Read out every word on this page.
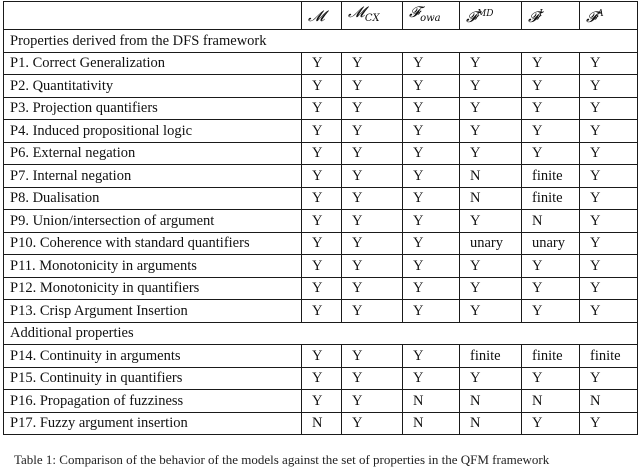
	𝓜	𝓜$_{CX}$	𝓕$_{owa}$	𝓕$^{MD}$	𝓕$^I$	𝓕$^A$
Properties derived from the DFS framework						
P1. Correct Generalization	Y	Y	Y	Y	Y	Y
P2. Quantitativity	Y	Y	Y	Y	Y	Y
P3. Projection quantifiers	Y	Y	Y	Y	Y	Y
P4. Induced propositional logic	Y	Y	Y	Y	Y	Y
P6. External negation	Y	Y	Y	Y	Y	Y
P7. Internal negation	Y	Y	Y	N	finite	Y
P8. Dualisation	Y	Y	Y	N	finite	Y
P9. Union/intersection of argument	Y	Y	Y	Y	N	Y
P10. Coherence with standard quantifiers	Y	Y	Y	unary	unary	Y
P11. Monotonicity in arguments	Y	Y	Y	Y	Y	Y
P12. Monotonicity in quantifiers	Y	Y	Y	Y	Y	Y
P13. Crisp Argument Insertion	Y	Y	Y	Y	Y	Y
Additional properties						
P14. Continuity in arguments	Y	Y	Y	finite	finite	finite
P15. Continuity in quantifiers	Y	Y	Y	Y	Y	Y
P16. Propagation of fuzziness	Y	Y	N	N	N	N
P17. Fuzzy argument insertion	N	Y	N	N	Y	Y
Table 1: Comparison of the behavior of the models against the set of properties in the QFM framework
